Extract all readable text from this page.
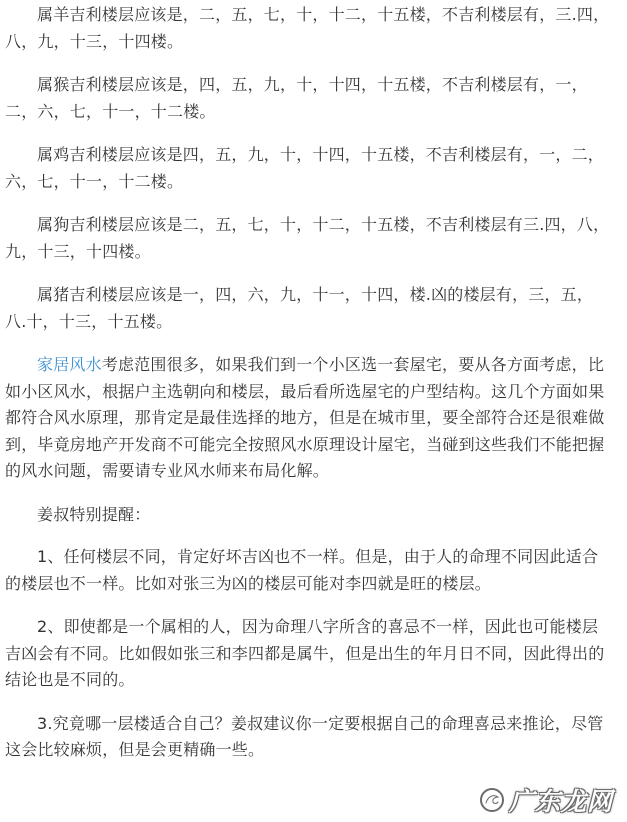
属羊吉利楼层应该是，二，五，七，十，十二，十五楼，不吉利楼层有，三.四，八，九，十三，十四楼。

属猴吉利楼层应该是，四，五，九，十，十四，十五楼，不吉利楼层有，一，二，六，七，十一，十二楼。

属鸡吉利楼层应该是四，五，九，十，十四，十五楼，不吉利楼层有，一，二，六，七，十一，十二楼。

属狗吉利楼层应该是二，五，七，十，十二，十五楼，不吉利楼层有三.四，八，九，十三，十四楼。

属猪吉利楼层应该是一，四，六，九，十一，十四，楼.凶的楼层有，三，五，八.十，十三，十五楼。

家居风水考虑范围很多，如果我们到一个小区选一套屋宅，要从各方面考虑，比如小区风水，根据户主选朝向和楼层，最后看所选屋宅的户型结构。这几个方面如果都符合风水原理，那肯定是最佳选择的地方，但是在城市里，要全部符合还是很难做到，毕竟房地产开发商不可能完全按照风水原理设计屋宅，当碰到这些我们不能把握的风水问题，需要请专业风水师来布局化解。

姜叔特别提醒：

1、任何楼层不同，肯定好坏吉凶也不一样。但是，由于人的命理不同因此适合的楼层也不一样。比如对张三为凶的楼层可能对李四就是旺的楼层。

2、即使都是一个属相的人，因为命理八字所含的喜忌不一样，因此也可能楼层吉凶会有不同。比如假如张三和李四都是属牛，但是出生的年月日不同，因此得出的结论也是不同的。

3.究竟哪一层楼适合自己？姜叔建议你一定要根据自己的命理喜忌来推论，尽管这会比较麻烦，但是会更精确一些。

广东龙网
